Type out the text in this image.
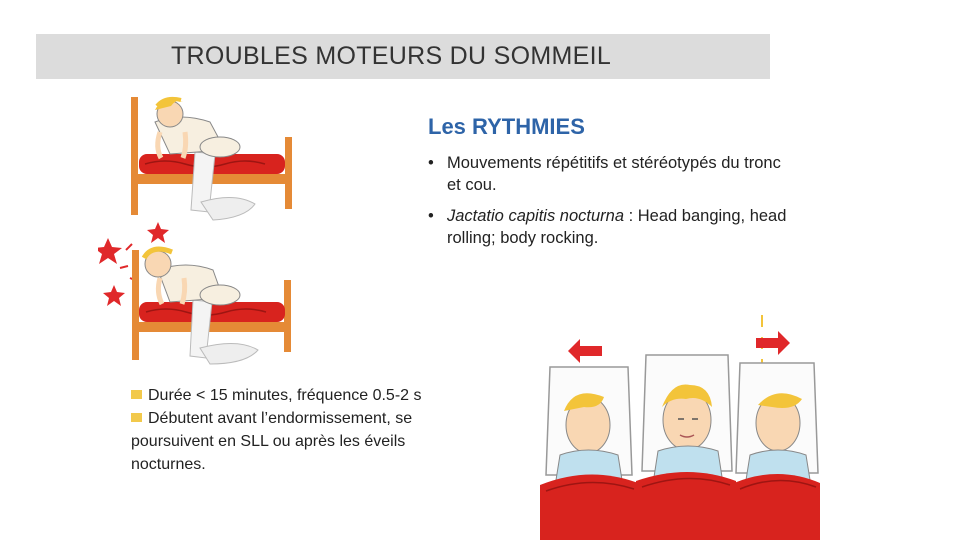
TROUBLES MOTEURS DU SOMMEIL
Les RYTHMIES
• Mouvements répétitifs et stéréotypés du tronc et cou.
• Jactatio capitis nocturna : Head banging, head rolling; body rocking.
Durée < 15 minutes, fréquence 0.5-2 s
Débutent avant l’endormissement, se poursuivent en SLL ou après les éveils nocturnes.
